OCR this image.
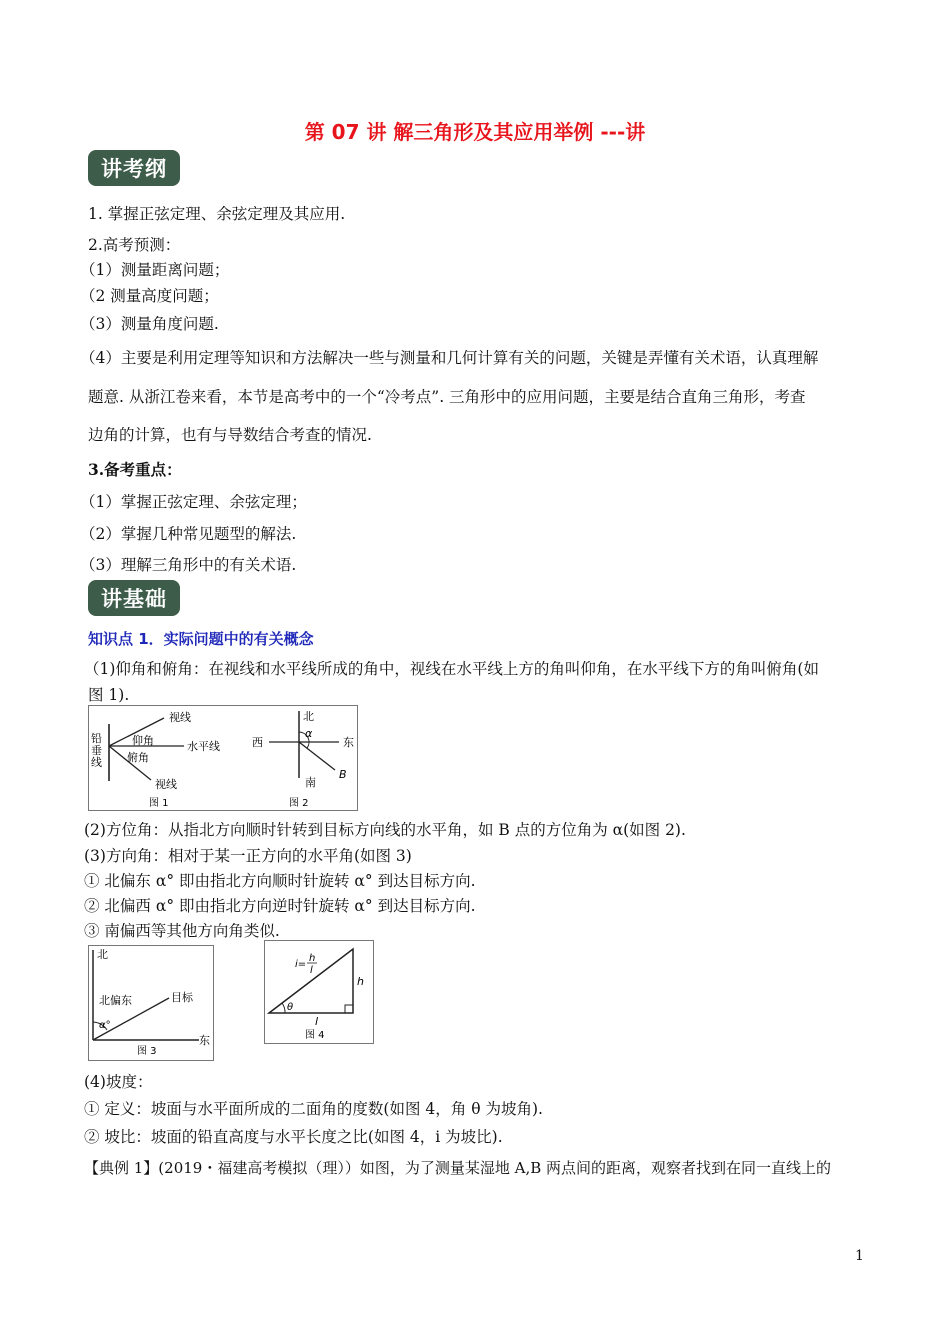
第 07 讲 解三角形及其应用举例 ---讲
讲考纲
1. 掌握正弦定理、余弦定理及其应用.
2.高考预测：
（1）测量距离问题；
（2 测量高度问题；
（3）测量角度问题.
（4）主要是利用定理等知识和方法解决一些与测量和几何计算有关的问题，关键是弄懂有关术语，认真理解
题意. 从浙江卷来看，本节是高考中的一个“冷考点”. 三角形中的应用问题，主要是结合直角三角形，考查
边角的计算，也有与导数结合考查的情况.
3.备考重点：
（1）掌握正弦定理、余弦定理；
（2）掌握几种常见题型的解法.
（3）理解三角形中的有关术语.
讲基础
知识点 1．实际问题中的有关概念
（1)仰角和俯角：在视线和水平线所成的角中，视线在水平线上方的角叫仰角，在水平线下方的角叫俯角(如
图 1).
铅
垂
线
视线
仰角	水平线
俯角
视线
图 1
北
西	东
南
α
B
图 2
(2)方位角：从指北方向顺时针转到目标方向线的水平角，如 B 点的方位角为 α(如图 2).
(3)方向角：相对于某一正方向的水平角(如图 3)
① 北偏东 α° 即由指北方向顺时针旋转 α° 到达目标方向.
② 北偏西 α° 即由指北方向逆时针旋转 α° 到达目标方向.
③ 南偏西等其他方向角类似.
北
北偏东	目标
α°
东
图 3
i=
h
l
θ
h
l
图 4
(4)坡度：
① 定义：坡面与水平面所成的二面角的度数(如图 4，角 θ 为坡角).
② 坡比：坡面的铅直高度与水平长度之比(如图 4，i 为坡比).
【典例 1】(2019・福建高考模拟（理））如图，为了测量某湿地 A,B 两点间的距离，观察者找到在同一直线上的
1
